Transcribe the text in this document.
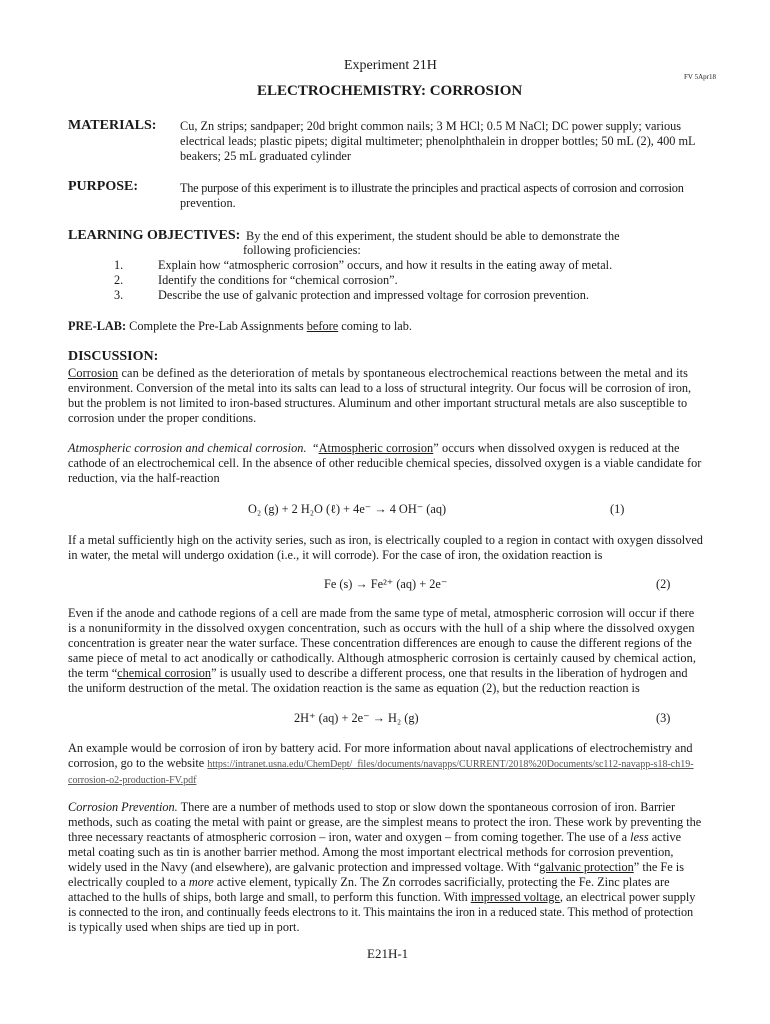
Experiment 21H
FV 5Apr18
ELECTROCHEMISTRY: CORROSION
MATERIALS: Cu, Zn strips; sandpaper; 20d bright common nails; 3 M HCl; 0.5 M NaCl; DC power supply; various
electrical leads; plastic pipets; digital multimeter; phenolphthalein in dropper bottles; 50 mL (2), 400 mL
beakers; 25 mL graduated cylinder
PURPOSE:	The purpose of this experiment is to illustrate the principles and practical aspects of corrosion and corrosion
prevention.
LEARNING OBJECTIVES: By the end of this experiment, the student should be able to demonstrate the
following proficiencies:
1.	Explain how “atmospheric corrosion” occurs, and how it results in the eating away of metal.
2.	Identify the conditions for “chemical corrosion”.
3.	Describe the use of galvanic protection and impressed voltage for corrosion prevention.
PRE-LAB: Complete the Pre-Lab Assignments before coming to lab.
DISCUSSION:
Corrosion can be defined as the deterioration of metals by spontaneous electrochemical reactions between the metal and its
environment. Conversion of the metal into its salts can lead to a loss of structural integrity. Our focus will be corrosion of iron,
but the problem is not limited to iron-based structures. Aluminum and other important structural metals are also susceptible to
corrosion under the proper conditions.
Atmospheric corrosion and chemical corrosion.  “Atmospheric corrosion” occurs when dissolved oxygen is reduced at the
cathode of an electrochemical cell. In the absence of other reducible chemical species, dissolved oxygen is a viable candidate for
reduction, via the half-reaction
O₂ (g) + 2 H₂O (ℓ) + 4e⁻ → 4 OH⁻ (aq)	(1)
If a metal sufficiently high on the activity series, such as iron, is electrically coupled to a region in contact with oxygen dissolved
in water, the metal will undergo oxidation (i.e., it will corrode). For the case of iron, the oxidation reaction is
Fe (s) → Fe²⁺ (aq) + 2e⁻	(2)
Even if the anode and cathode regions of a cell are made from the same type of metal, atmospheric corrosion will occur if there
is a nonuniformity in the dissolved oxygen concentration, such as occurs with the hull of a ship where the dissolved oxygen
concentration is greater near the water surface. These concentration differences are enough to cause the different regions of the
same piece of metal to act anodically or cathodically. Although atmospheric corrosion is certainly caused by chemical action,
the term “chemical corrosion” is usually used to describe a different process, one that results in the liberation of hydrogen and
the uniform destruction of the metal. The oxidation reaction is the same as equation (2), but the reduction reaction is
2H⁺ (aq) + 2e⁻ → H₂ (g)	(3)
An example would be corrosion of iron by battery acid. For more information about naval applications of electrochemistry and
corrosion, go to the website https://intranet.usna.edu/ChemDept/_files/documents/navapps/CURRENT/2018%20Documents/sc112-navapp-s18-ch19-
corrosion-o2-production-FV.pdf
Corrosion Prevention. There are a number of methods used to stop or slow down the spontaneous corrosion of iron. Barrier
methods, such as coating the metal with paint or grease, are the simplest means to protect the iron. These work by preventing the
three necessary reactants of atmospheric corrosion – iron, water and oxygen – from coming together. The use of a less active
metal coating such as tin is another barrier method. Among the most important electrical methods for corrosion prevention,
widely used in the Navy (and elsewhere), are galvanic protection and impressed voltage. With “galvanic protection” the Fe is
electrically coupled to a more active element, typically Zn. The Zn corrodes sacrificially, protecting the Fe. Zinc plates are
attached to the hulls of ships, both large and small, to perform this function. With impressed voltage, an electrical power supply
is connected to the iron, and continually feeds electrons to it. This maintains the iron in a reduced state. This method of protection
is typically used when ships are tied up in port.
E21H-1
